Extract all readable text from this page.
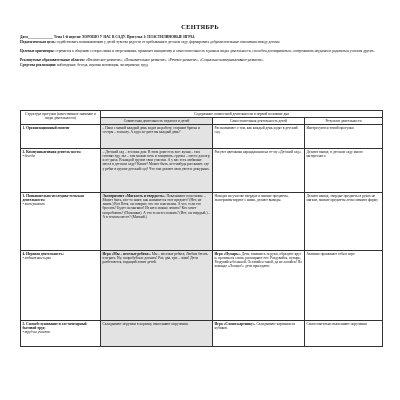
СЕНТЯБРЬ
Дата______________ Тема 1-й недели: ХОРОШО У НАС В САДУ. Прогулка 1: ПЛАСТИЛИНОВЫЕ ИГРЫ.
Педагогическая цель: содействовать возникновению у детей чувства радости от пребывания в детском саду, формировать доброжелательные отношения между детьми.
Целевые ориентиры: стремится к общению со взрослыми и сверстниками, проявляет инициативу и самостоятельность в разных видах деятельности, способен договариваться, сопереживать неудачам и радоваться успехам других.
Реализуемые образовательные области: «Физическое развитие», «Познавательное развитие», «Речевое развитие», «Социально-коммуникативное развитие».
Средства реализации: наблюдение, беседа, игровая мотивация, эксперимент, труд.
Структура прогулки (качественное значение и виды деятельности)	Содержание совместной деятельности в первой половине дня		
	Совместная деятельность педагога и детей	Самостоятельная деятельность детей	Результат деятельности
1. Организационный момент	– Папа с мамой каждый день ходят на работу, старшие братья и сестры – в школу. А куда хо-дите вы каждый день?	Рассказывают о том, как каждый день ходят в детский сад.	Интересуются темой прогулки
2. Коммуникативная деятель-ность:
• беседа	– Детский сад – это ваш дом. В этом доме есть все: кухня – там готовят еду, зал – там можно петь и танцевать, группа – место для игр и от-дыха. В каждой группе свои участки. А у вас есть любимые места в детском саду? Какие? Может быть, кто-нибудь расскажет, где у ребят в группе детский сад? Что там делают свои уюте и дежурных.	Рисуют цветными карандашами на те-му «Детский сад».	Делают вывод: в детском саду много интересного
3. Познавательно-исследова-тельская деятельность:
• эксперимент	Эксперимент «Мягкость и твердость». Показывают пластилин. – Может быть, кто-то знает, как называется этот предмет? (Нет, не знаем.) Вот Петя, он говорит, что это пластилин. А что, если его бросить? Будет он мягким? Из него можно лепить? Кто хочет попробовать? (Пальчики). А что если его помять? (Нет, он твердый.) – А в теплом месте? (Мягкий.)	Находят на участке твердые и мягкие предметы, экспериментируют с ними, делают выводы.	Делают вывод: твердые предметы в руках не мягкие, мягкие предметы легко меняют форму
4. Игровая деятельность:
• подвижные игры	Игра «Мы – веселые ребята». Мы – веселые ребята, Любим бегать и играть. Ну, попробуй нас догнать! Раз, два, три – лови! Дети разбегаются, водящий ловит детей.	Игра «Пузырь». Дети, взявшись за руки, образуют круг и, произнося слова, расширяют его: Раздувайся, пузырь, Раздувайся большой, Оставайся такой, да не лопайся! По команде «Лопнул!» дети приседают.	Активно проявляют себя в игре
5. Самообслуживание и эле-ментарный бытовой труд:
• труд на участке	Складывают игрушки в корзину, выполняют поручения.	Игра «Сложи картинку». Складывают картинки из кубиков.	Самостоятельно выполняют поручения
